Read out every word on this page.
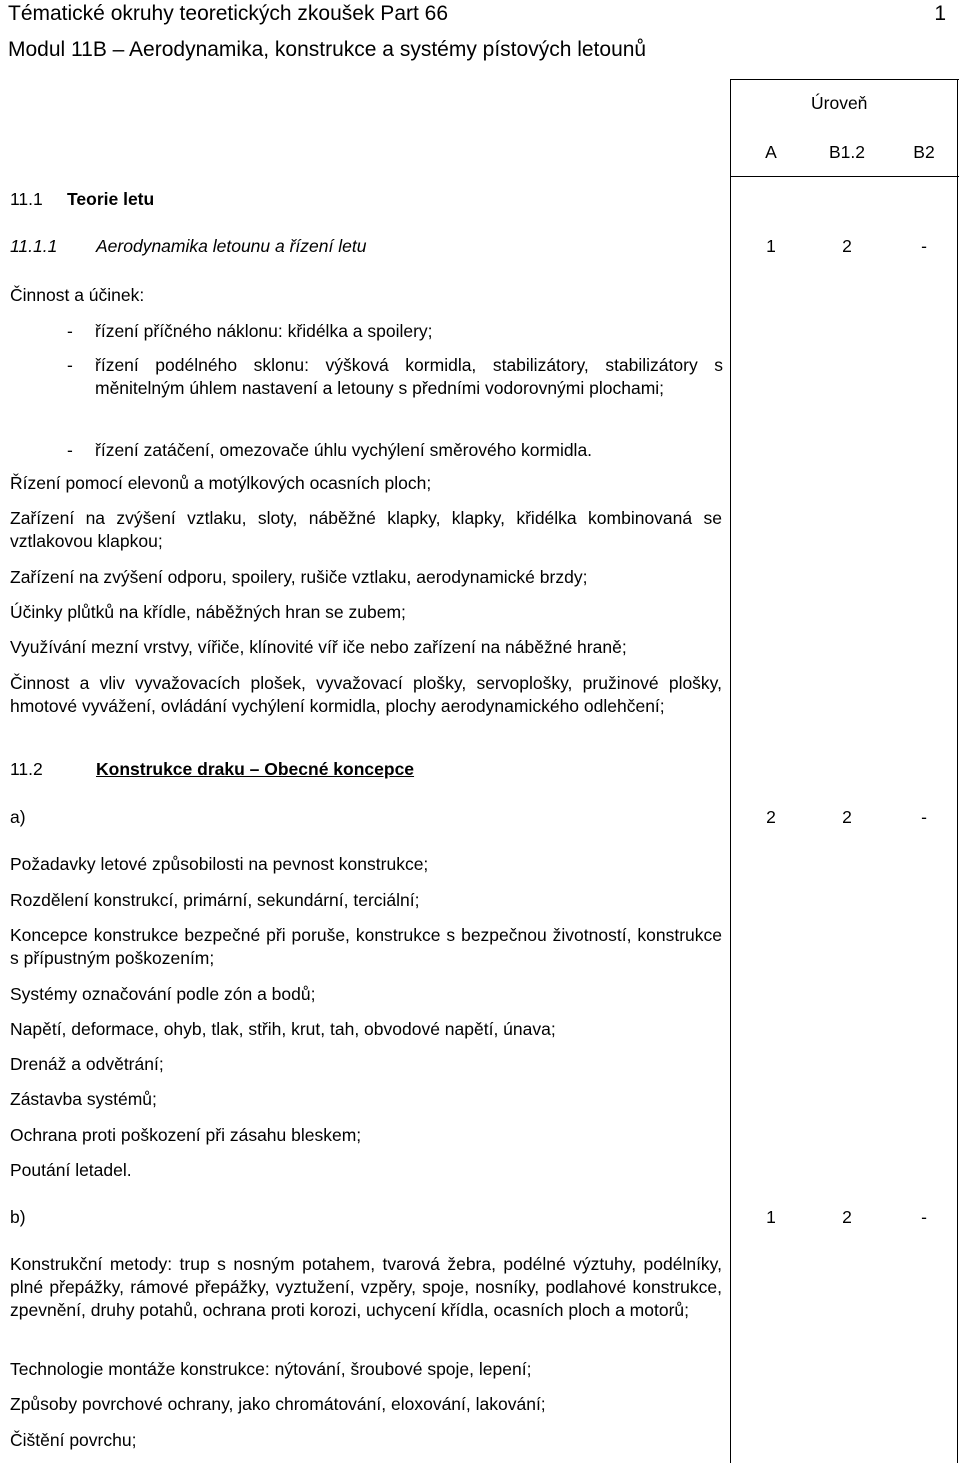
Tématické okruhy teoretických zkoušek Part 66	1
Modul 11B – Aerodynamika, konstrukce a systémy pístových letounů
Úroveň
A	B1.2	B2
11.1 Teorie letu
11.1.1 Aerodynamika letounu a řízení letu	1	2	-
Činnost a účinek:
- řízení příčného náklonu: křidélka a spoilery;
- řízení podélného sklonu: výšková kormidla, stabilizátory, stabilizátory s měnitelným úhlem nastavení a letouny s předními vodorovnými plochami;
- řízení zatáčení, omezovače úhlu vychýlení směrového kormidla.
Řízení pomocí elevonů a motýlkových ocasních ploch;
Zařízení na zvýšení vztlaku, sloty, náběžné klapky, klapky, křidélka kombinovaná se vztlakovou klapkou;
Zařízení na zvýšení odporu, spoilery, rušiče vztlaku, aerodynamické brzdy;
Účinky plůtků na křídle, náběžných hran se zubem;
Využívání mezní vrstvy, vířiče, klínovité víř iče nebo zařízení na náběžné hraně;
Činnost a vliv vyvažovacích plošek, vyvažovací plošky, servoplošky, pružinové plošky, hmotové vyvážení, ovládání vychýlení kormidla, plochy aerodynamického odlehčení;
11.2	Konstrukce draku – Obecné koncepce
a)	2	2	-
Požadavky letové způsobilosti na pevnost konstrukce;
Rozdělení konstrukcí, primární, sekundární, terciální;
Koncepce konstrukce bezpečné při poruše, konstrukce s bezpečnou životností, konstrukce s přípustným poškozením;
Systémy označování podle zón a bodů;
Napětí, deformace, ohyb, tlak, střih, krut, tah, obvodové napětí, únava;
Drenáž a odvětrání;
Zástavba systémů;
Ochrana proti poškození při zásahu bleskem;
Poutání letadel.
b)	1	2	-
Konstrukční metody: trup s nosným potahem, tvarová žebra, podélné výztuhy, podélníky, plné přepážky, rámové přepážky, vyztužení, vzpěry, spoje, nosníky, podlahové konstrukce, zpevnění, druhy potahů, ochrana proti korozi, uchycení křídla, ocasních ploch a motorů;
Technologie montáže konstrukce: nýtování, šroubové spoje, lepení;
Způsoby povrchové ochrany, jako chromátování, eloxování, lakování;
Čištění povrchu;
